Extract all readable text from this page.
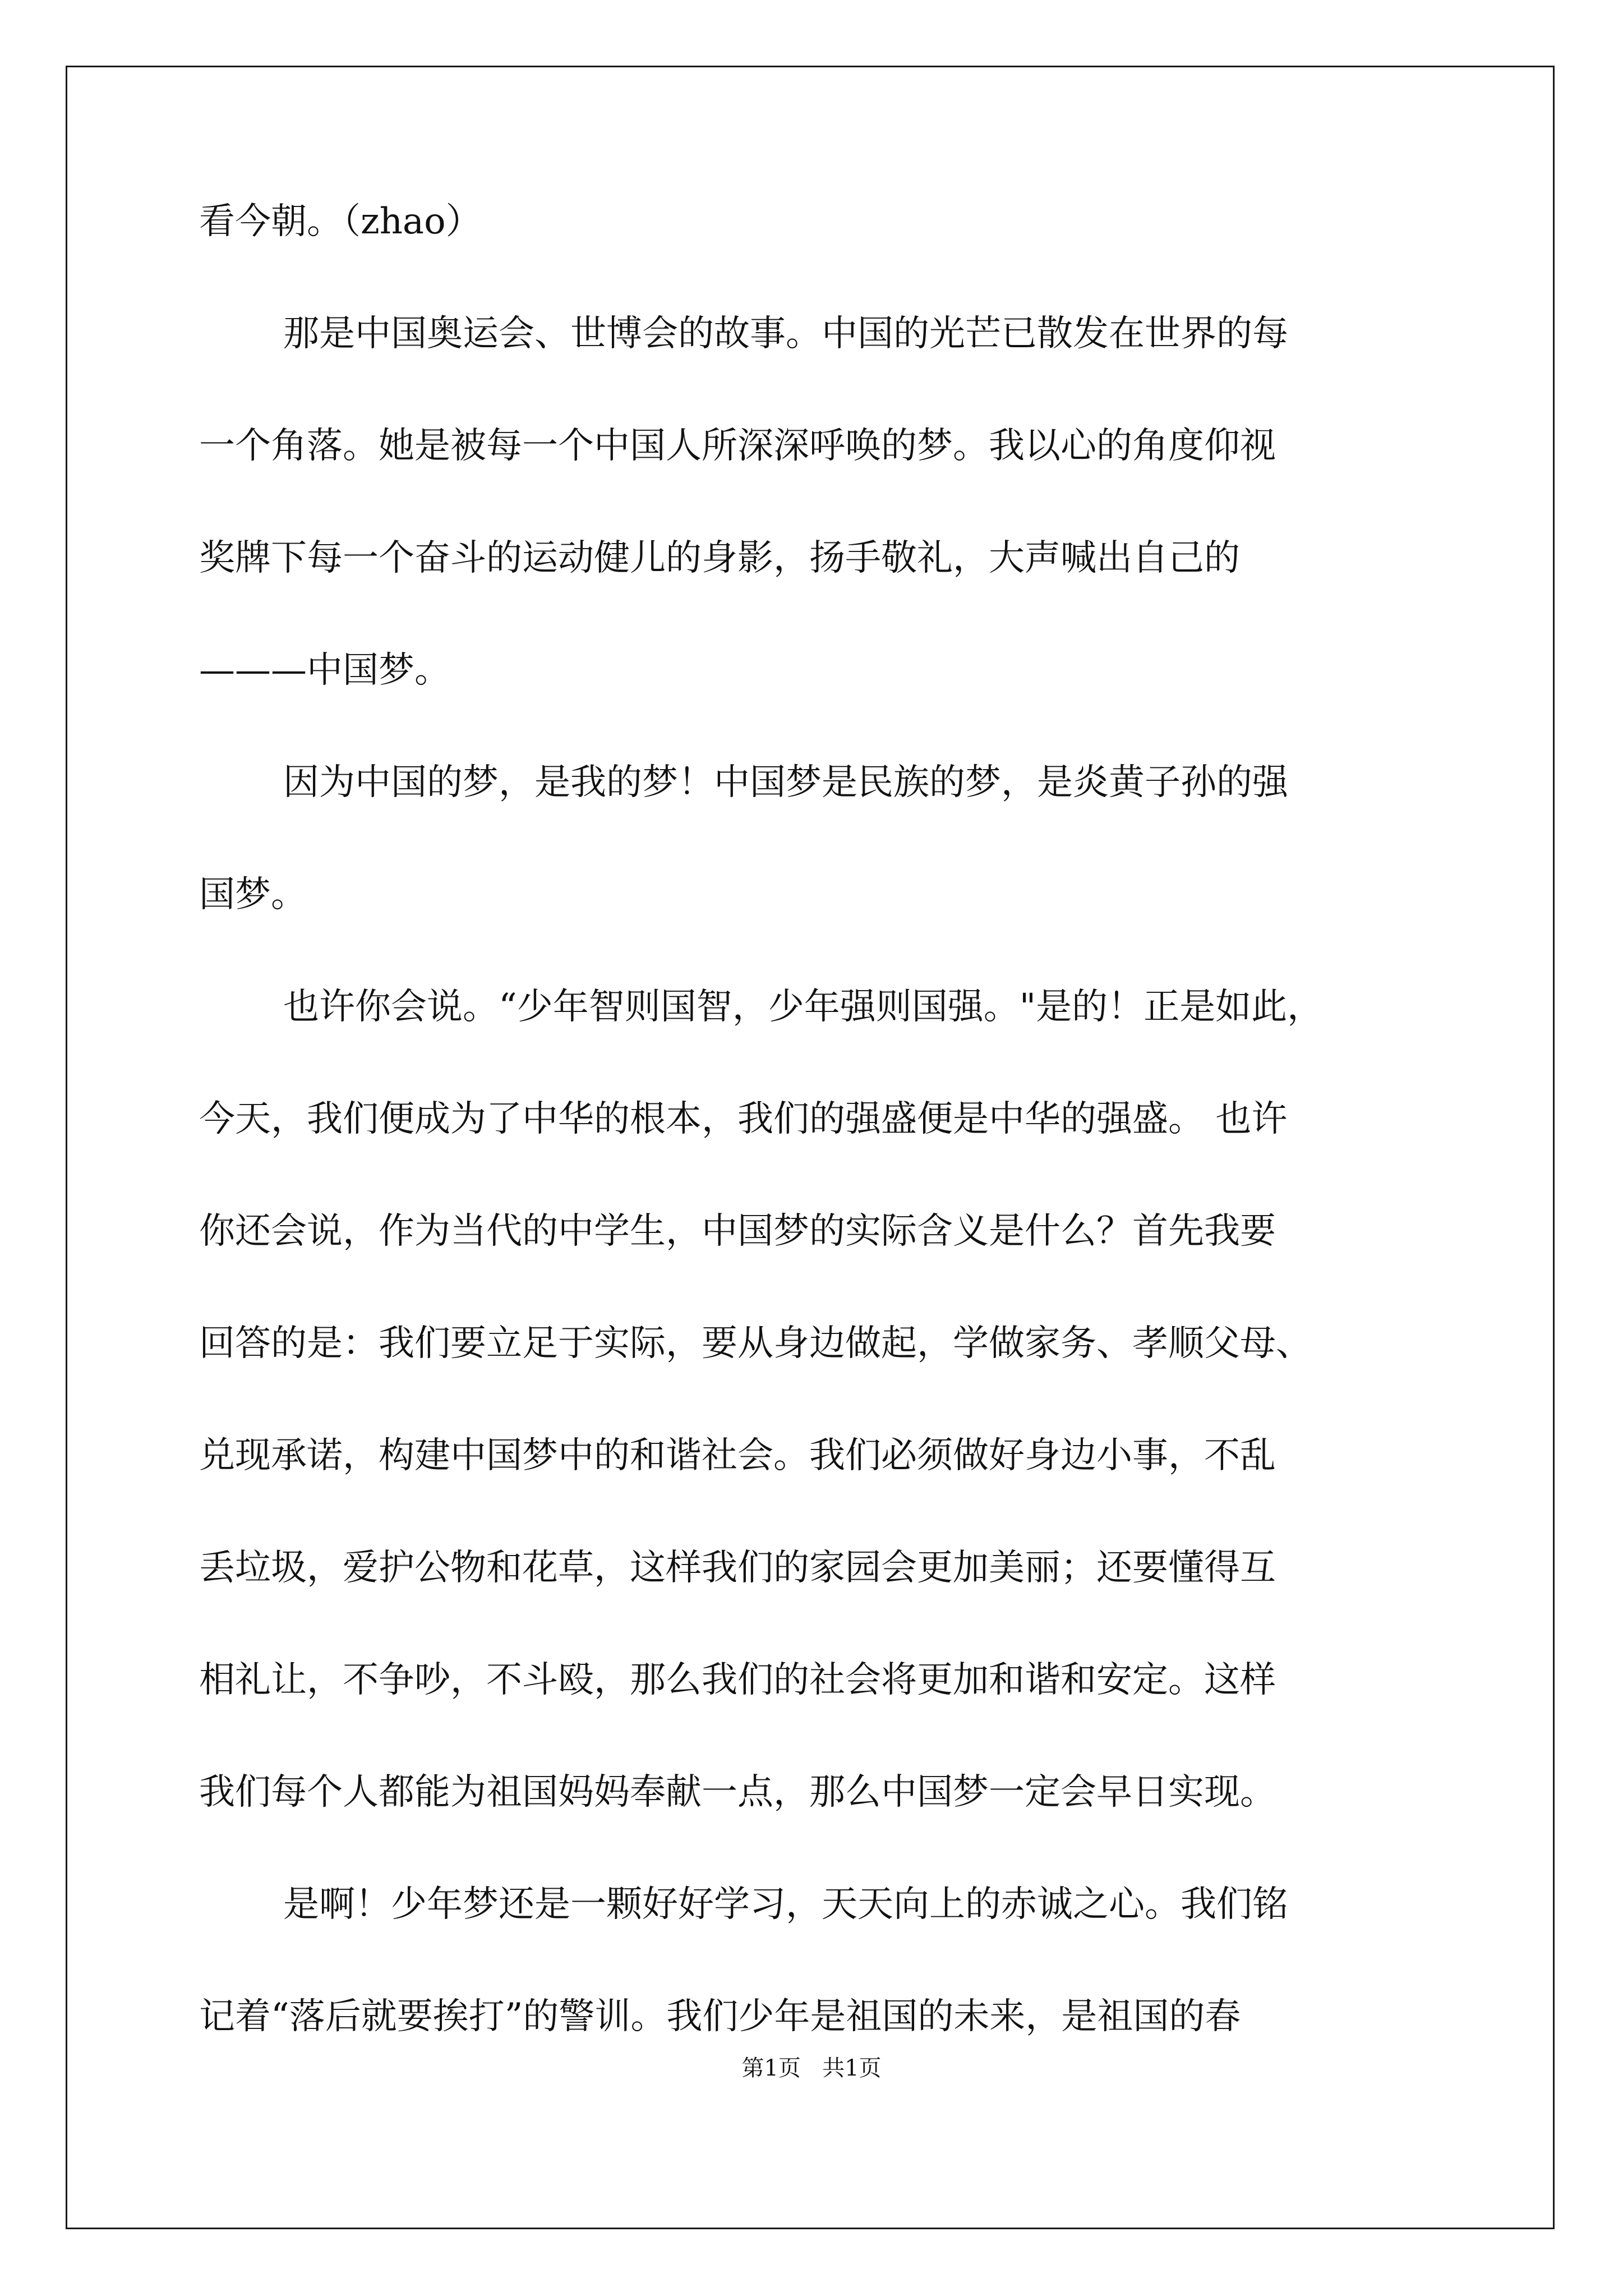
看今朝。（zhao）
那是中国奥运会、世博会的故事。中国的光芒已散发在世界的每
一个角落。她是被每一个中国人所深深呼唤的梦。我以心的角度仰视
奖牌下每一个奋斗的运动健儿的身影，扬手敬礼，大声喊出自己的
———中国梦。
因为中国的梦，是我的梦！中国梦是民族的梦，是炎黄子孙的强
国梦。
也许你会说。“少年智则国智，少年强则国强。"是的！正是如此，
今天，我们便成为了中华的根本，我们的强盛便是中华的强盛。 也许
你还会说，作为当代的中学生，中国梦的实际含义是什么？首先我要
回答的是：我们要立足于实际，要从身边做起，学做家务、孝顺父母、
兑现承诺，构建中国梦中的和谐社会。我们必须做好身边小事，不乱
丢垃圾，爱护公物和花草，这样我们的家园会更加美丽；还要懂得互
相礼让，不争吵，不斗殴，那么我们的社会将更加和谐和安定。这样
我们每个人都能为祖国妈妈奉献一点，那么中国梦一定会早日实现。
是啊！少年梦还是一颗好好学习，天天向上的赤诚之心。我们铭
记着“落后就要挨打”的警训。我们少年是祖国的未来，是祖国的春
第1页 共1页
